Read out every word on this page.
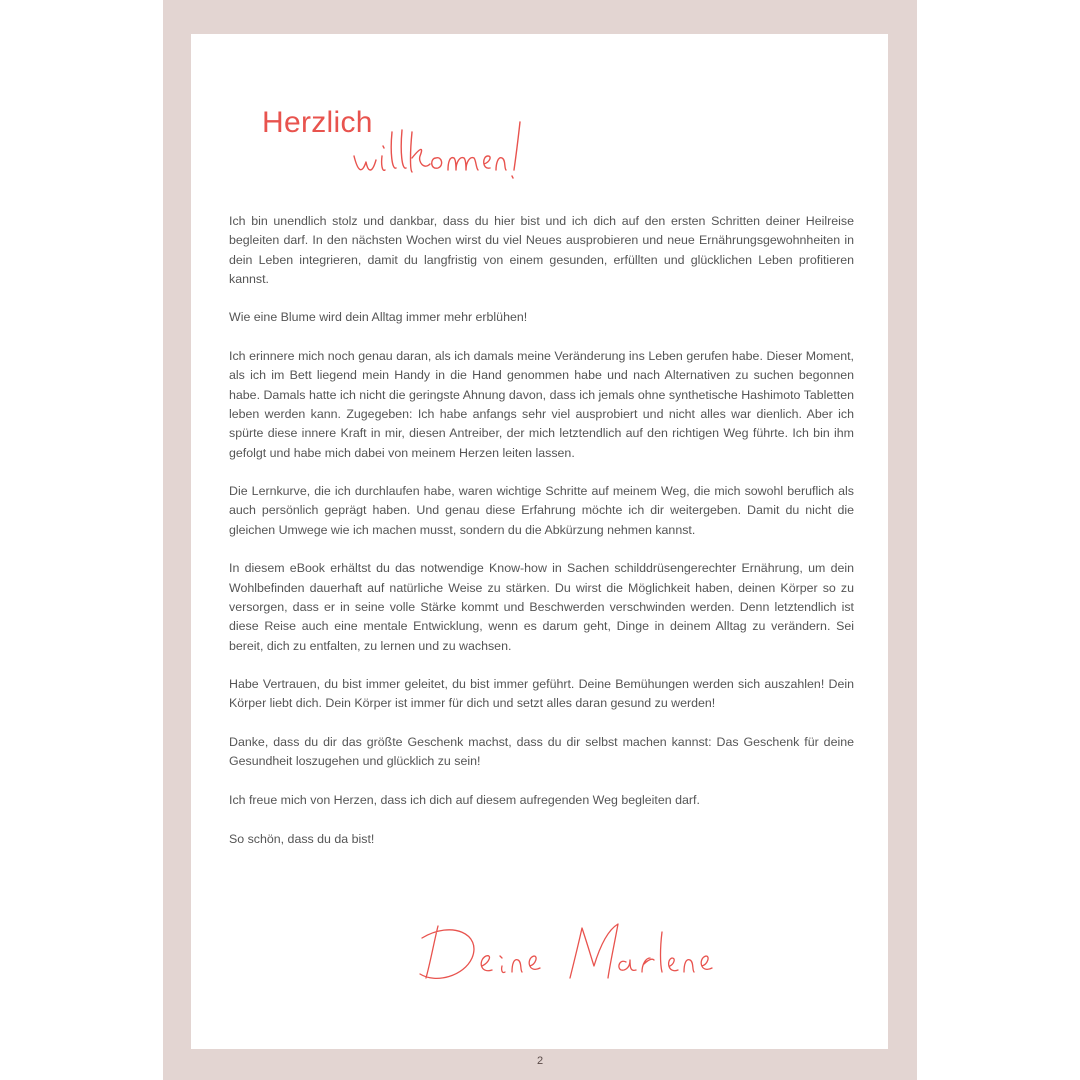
Herzlich

Ich bin unendlich stolz und dankbar, dass du hier bist und ich dich auf den ersten Schritten deiner Heilreise begleiten darf. In den nächsten Wochen wirst du viel Neues ausprobieren und neue Ernährungsgewohnheiten in dein Leben integrieren, damit du langfristig von einem gesunden, erfüllten und glücklichen Leben profitieren kannst.

Wie eine Blume wird dein Alltag immer mehr erblühen!

Ich erinnere mich noch genau daran, als ich damals meine Veränderung ins Leben gerufen habe. Dieser Moment, als ich im Bett liegend mein Handy in die Hand genommen habe und nach Alternativen zu suchen begonnen habe. Damals hatte ich nicht die geringste Ahnung davon, dass ich jemals ohne synthetische Hashimoto Tabletten leben werden kann. Zugegeben: Ich habe anfangs sehr viel ausprobiert und nicht alles war dienlich. Aber ich spürte diese innere Kraft in mir, diesen Antreiber, der mich letztendlich auf den richtigen Weg führte. Ich bin ihm gefolgt und habe mich dabei von meinem Herzen leiten lassen.

Die Lernkurve, die ich durchlaufen habe, waren wichtige Schritte auf meinem Weg, die mich sowohl beruflich als auch persönlich geprägt haben. Und genau diese Erfahrung möchte ich dir weitergeben. Damit du nicht die gleichen Umwege wie ich machen musst, sondern du die Abkürzung nehmen kannst.

In diesem eBook erhältst du das notwendige Know-how in Sachen schilddrüsengerechter Ernährung, um dein Wohlbefinden dauerhaft auf natürliche Weise zu stärken. Du wirst die Möglichkeit haben, deinen Körper so zu versorgen, dass er in seine volle Stärke kommt und Beschwerden verschwinden werden. Denn letztendlich ist diese Reise auch eine mentale Entwicklung, wenn es darum geht, Dinge in deinem Alltag zu verändern. Sei bereit, dich zu entfalten, zu lernen und zu wachsen.

Habe Vertrauen, du bist immer geleitet, du bist immer geführt. Deine Bemühungen werden sich auszahlen! Dein Körper liebt dich. Dein Körper ist immer für dich und setzt alles daran gesund zu werden!

Danke, dass du dir das größte Geschenk machst, dass du dir selbst machen kannst: Das Geschenk für deine Gesundheit loszugehen und glücklich zu sein!

Ich freue mich von Herzen, dass ich dich auf diesem aufregenden Weg begleiten darf.

So schön, dass du da bist!

2
